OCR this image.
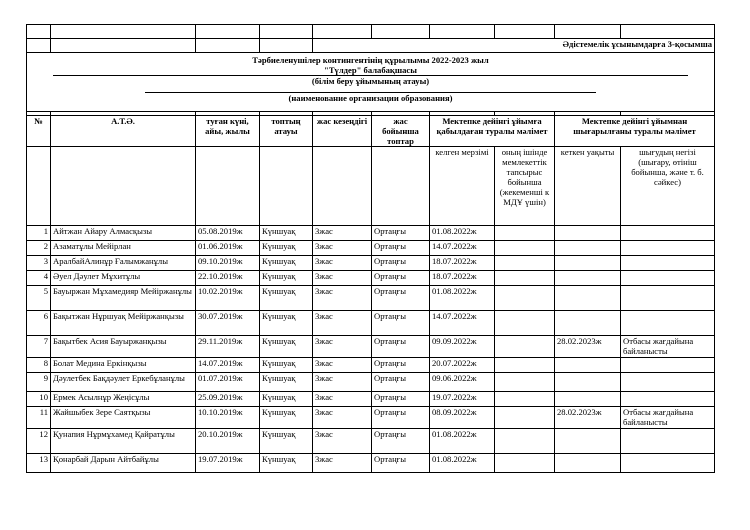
				Әдістемелік ұсынымдарға 3-қосымша					

Тәрбиеленушілер контингентінің құрылымы 2022-2023 жыл
"Түлдер" балабақшасы
(білім беру ұйымының атауы)
(наименование организации образования)									

№	А.Т.Ә.	туған күні, айы, жылы	топтың атауы	жас кезеңдігі	жас бойынша топтар	Мектепке дейінгі ұйымға қабылдаған туралы мәлімет		Мектепке дейінгі ұйымнан шығарылғаны туралы мәлімет	
						келген мерзімі	оның ішінде мемлекеттік тапсырыс бойынша (жекеменші к МДҰ үшін)	кеткен уақыты	шығудың негізі (шығару, өтініш бойынша, және т. б. сәйкес)
1	Айтжан Айару Алмасқызы	05.08.2019ж	Күншуақ	3жас	Ортаңғы	01.08.2022ж			
2	Азаматұлы Мейірлан	01.06.2019ж	Күншуақ	3жас	Ортаңғы	14.07.2022ж			
3	АралбайАлинұр Ғалымжанұлы	09.10.2019ж	Күншуақ	3жас	Ортаңғы	18.07.2022ж			
4	Әуел Дәулет Мұхитұлы	22.10.2019ж	Күншуақ	3жас	Ортаңғы	18.07.2022ж			
5	Бауыржан Мұхамедияр Мейіржанұлы	10.02.2019ж	Күншуақ	3жас	Ортаңғы	01.08.2022ж			
6	Бақытжан Нұршуақ Мейіржанқызы	30.07.2019ж	Күншуақ	3жас	Ортаңғы	14.07.2022ж			
7	Бақытбек Асия Бауыржанқызы	29.11.2019ж	Күншуақ	3жас	Ортаңғы	09.09.2022ж		28.02.2023ж	Отбасы жағдайына байланысты
8	Болат Медина Еркінқызы	14.07.2019ж	Күншуақ	3жас	Ортаңғы	20.07.2022ж			
9	Дәулетбек Бақдәулет Еркебұланұлы	01.07.2019ж	Күншуақ	3жас	Ортаңғы	09.06.2022ж			
10	Ермек Асылнұр Жеңісұлы	25.09.2019ж	Күншуақ	3жас	Ортаңғы	19.07.2022ж			
11	Жайшыбек Зере Саятқызы	10.10.2019ж	Күншуақ	3жас	Ортаңғы	08.09.2022ж		28.02.2023ж	Отбасы жағдайына байланысты
12	Қунапия Нұрмұхамед Қайратұлы	20.10.2019ж	Күншуақ	3жас	Ортаңғы	01.08.2022ж			
13	Қонарбай Дарын Айтбайұлы	19.07.2019ж	Күншуақ	3жас	Ортаңғы	01.08.2022ж			
